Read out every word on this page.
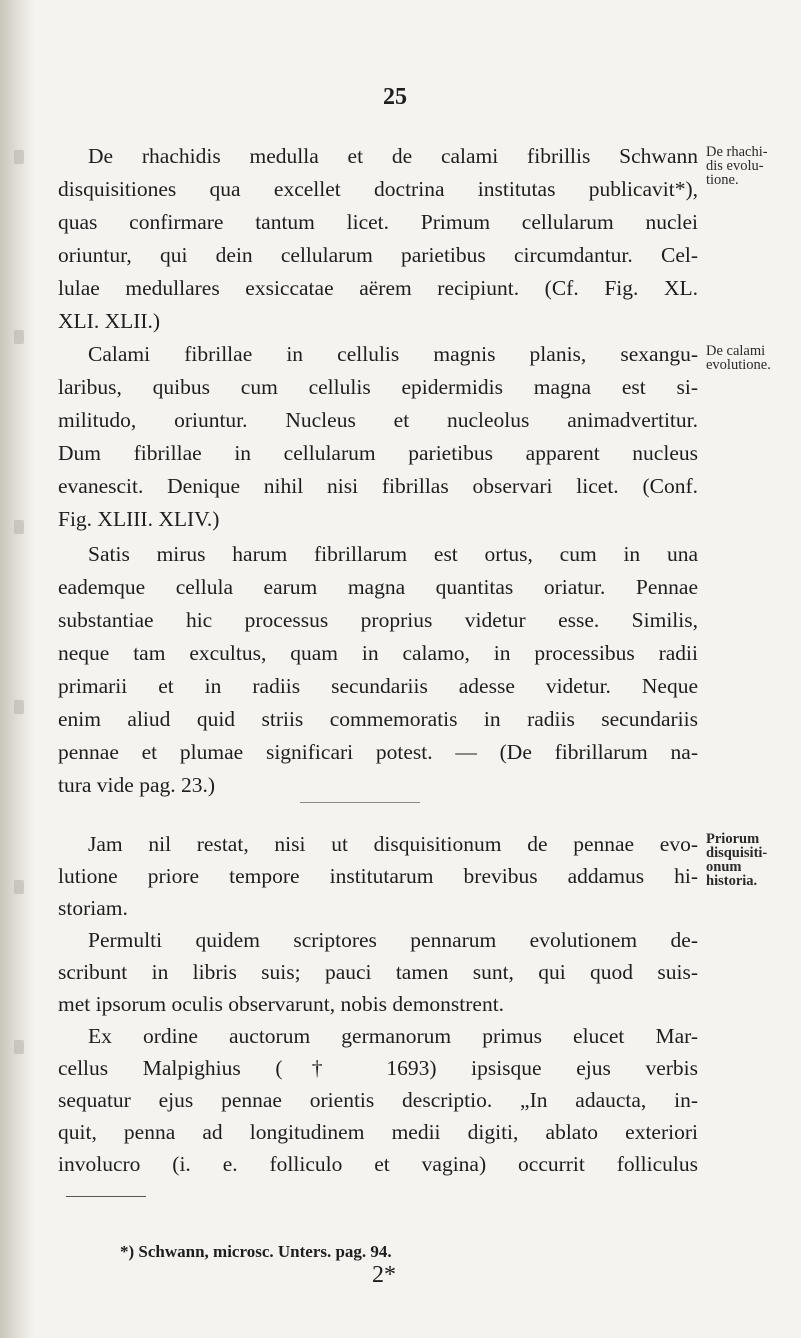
25
De rhachidis medulla et de calami fibrillis Schwann
disquisitiones qua excellet doctrina institutas publicavit*),
quas confirmare tantum licet. Primum cellularum nuclei
oriuntur, qui dein cellularum parietibus circumdantur. Cel-
lulae medullares exsiccatae aërem recipiunt. (Cf. Fig. XL.
XLI. XLII.)
De rhachi-
dis evolu-
tione.
Calami fibrillae in cellulis magnis planis, sexangu-
laribus, quibus cum cellulis epidermidis magna est si-
militudo, oriuntur. Nucleus et nucleolus animadvertitur.
Dum fibrillae in cellularum parietibus apparent nucleus
evanescit. Denique nihil nisi fibrillas observari licet. (Conf.
Fig. XLIII. XLIV.)
De calami
evolutione.
Satis mirus harum fibrillarum est ortus, cum in una
eademque cellula earum magna quantitas oriatur. Pennae
substantiae hic processus proprius videtur esse. Similis,
neque tam excultus, quam in calamo, in processibus radii
primarii et in radiis secundariis adesse videtur. Neque
enim aliud quid striis commemoratis in radiis secundariis
pennae et plumae significari potest. — (De fibrillarum na-
tura vide pag. 23.)
Jam nil restat, nisi ut disquisitionum de pennae evo-
lutione priore tempore institutarum brevibus addamus hi-
storiam.
Priorum
disquisiti-
onum
historia.
Permulti quidem scriptores pennarum evolutionem de-
scribunt in libris suis; pauci tamen sunt, qui quod suis-
met ipsorum oculis observarunt, nobis demonstrent.
Ex ordine auctorum germanorum primus elucet Mar-
cellus Malpighius († 1693) ipsisque ejus verbis
sequatur ejus pennae orientis descriptio. „In adaucta, in-
quit, penna ad longitudinem medii digiti, ablato exteriori
involucro (i. e. folliculo et vagina) occurrit folliculus
*) Schwann, microsc. Unters. pag. 94.
2*
